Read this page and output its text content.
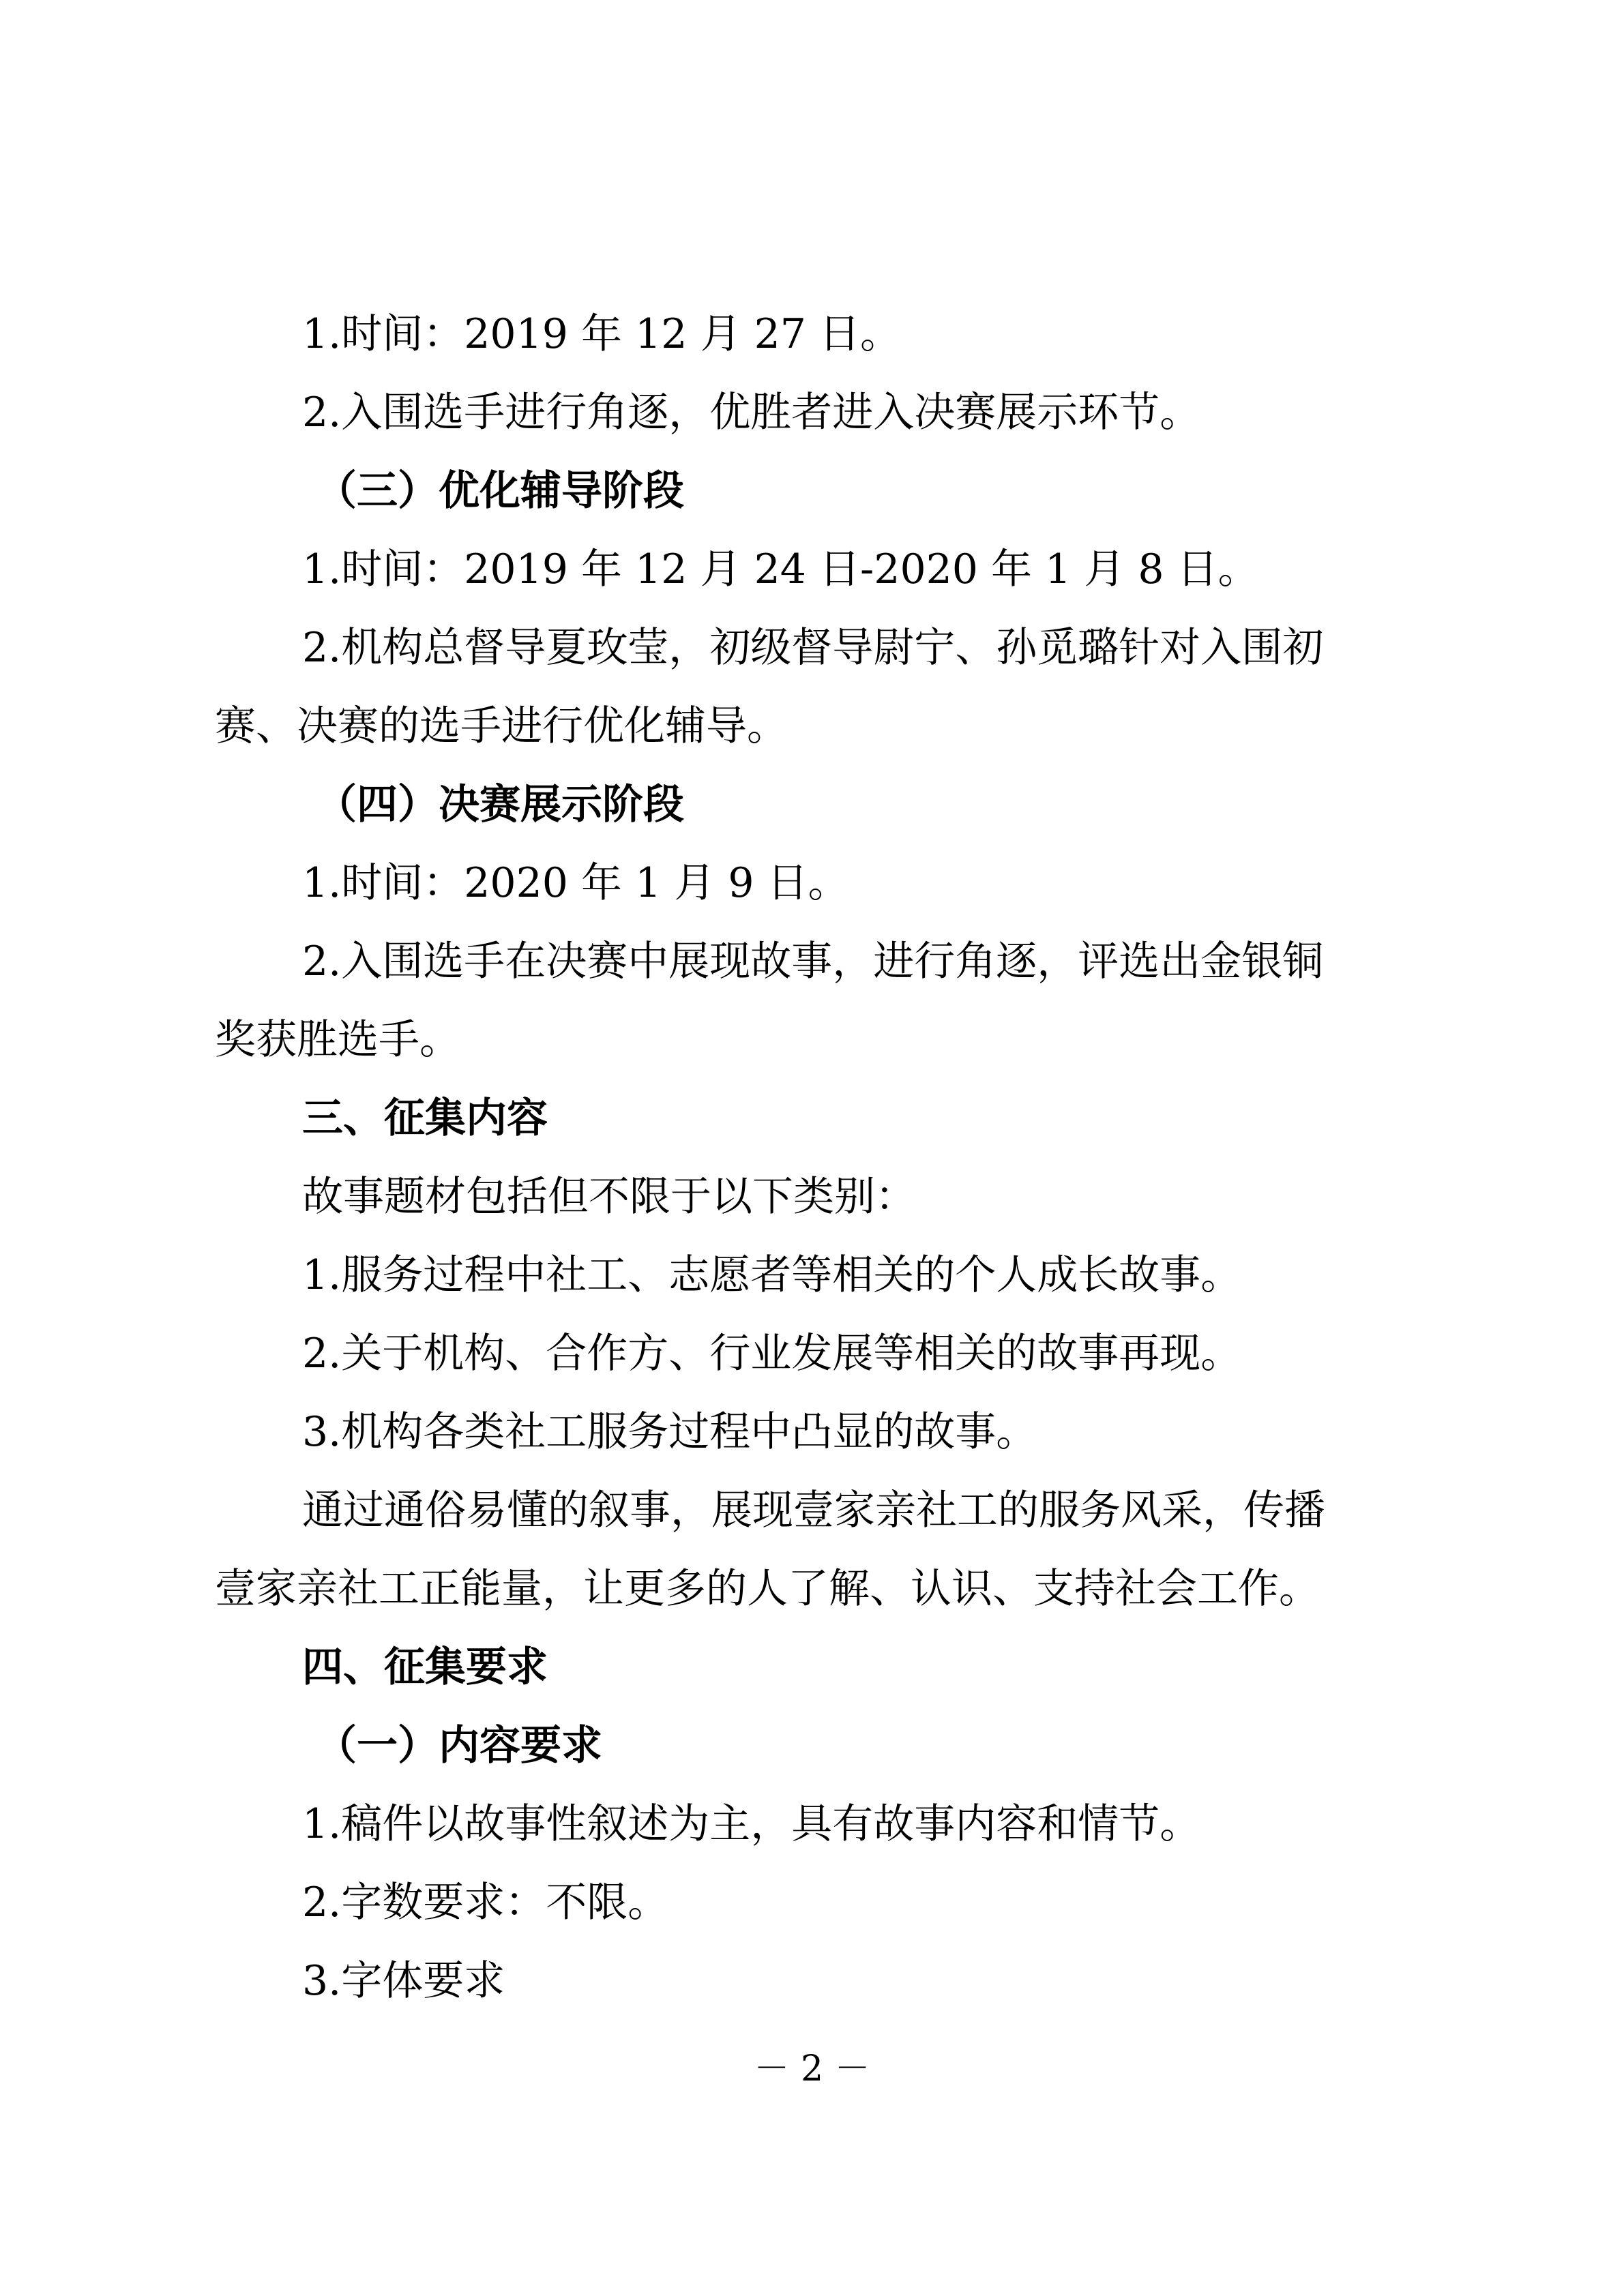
1.时间：2019 年 12 月 27 日。
2.入围选手进行角逐，优胜者进入决赛展示环节。
（三）优化辅导阶段
1.时间：2019 年 12 月 24 日-2020 年 1 月 8 日。
2.机构总督导夏玫莹，初级督导尉宁、孙觅璐针对入围初
赛、决赛的选手进行优化辅导。
（四）决赛展示阶段
1.时间：2020 年 1 月 9 日。
2.入围选手在决赛中展现故事，进行角逐，评选出金银铜
奖获胜选手。
三、征集内容
故事题材包括但不限于以下类别：
1.服务过程中社工、志愿者等相关的个人成长故事。
2.关于机构、合作方、行业发展等相关的故事再现。
3.机构各类社工服务过程中凸显的故事。
通过通俗易懂的叙事，展现壹家亲社工的服务风采，传播
壹家亲社工正能量，让更多的人了解、认识、支持社会工作。
四、征集要求
（一）内容要求
1.稿件以故事性叙述为主，具有故事内容和情节。
2.字数要求：不限。
3.字体要求
－ 2 －
